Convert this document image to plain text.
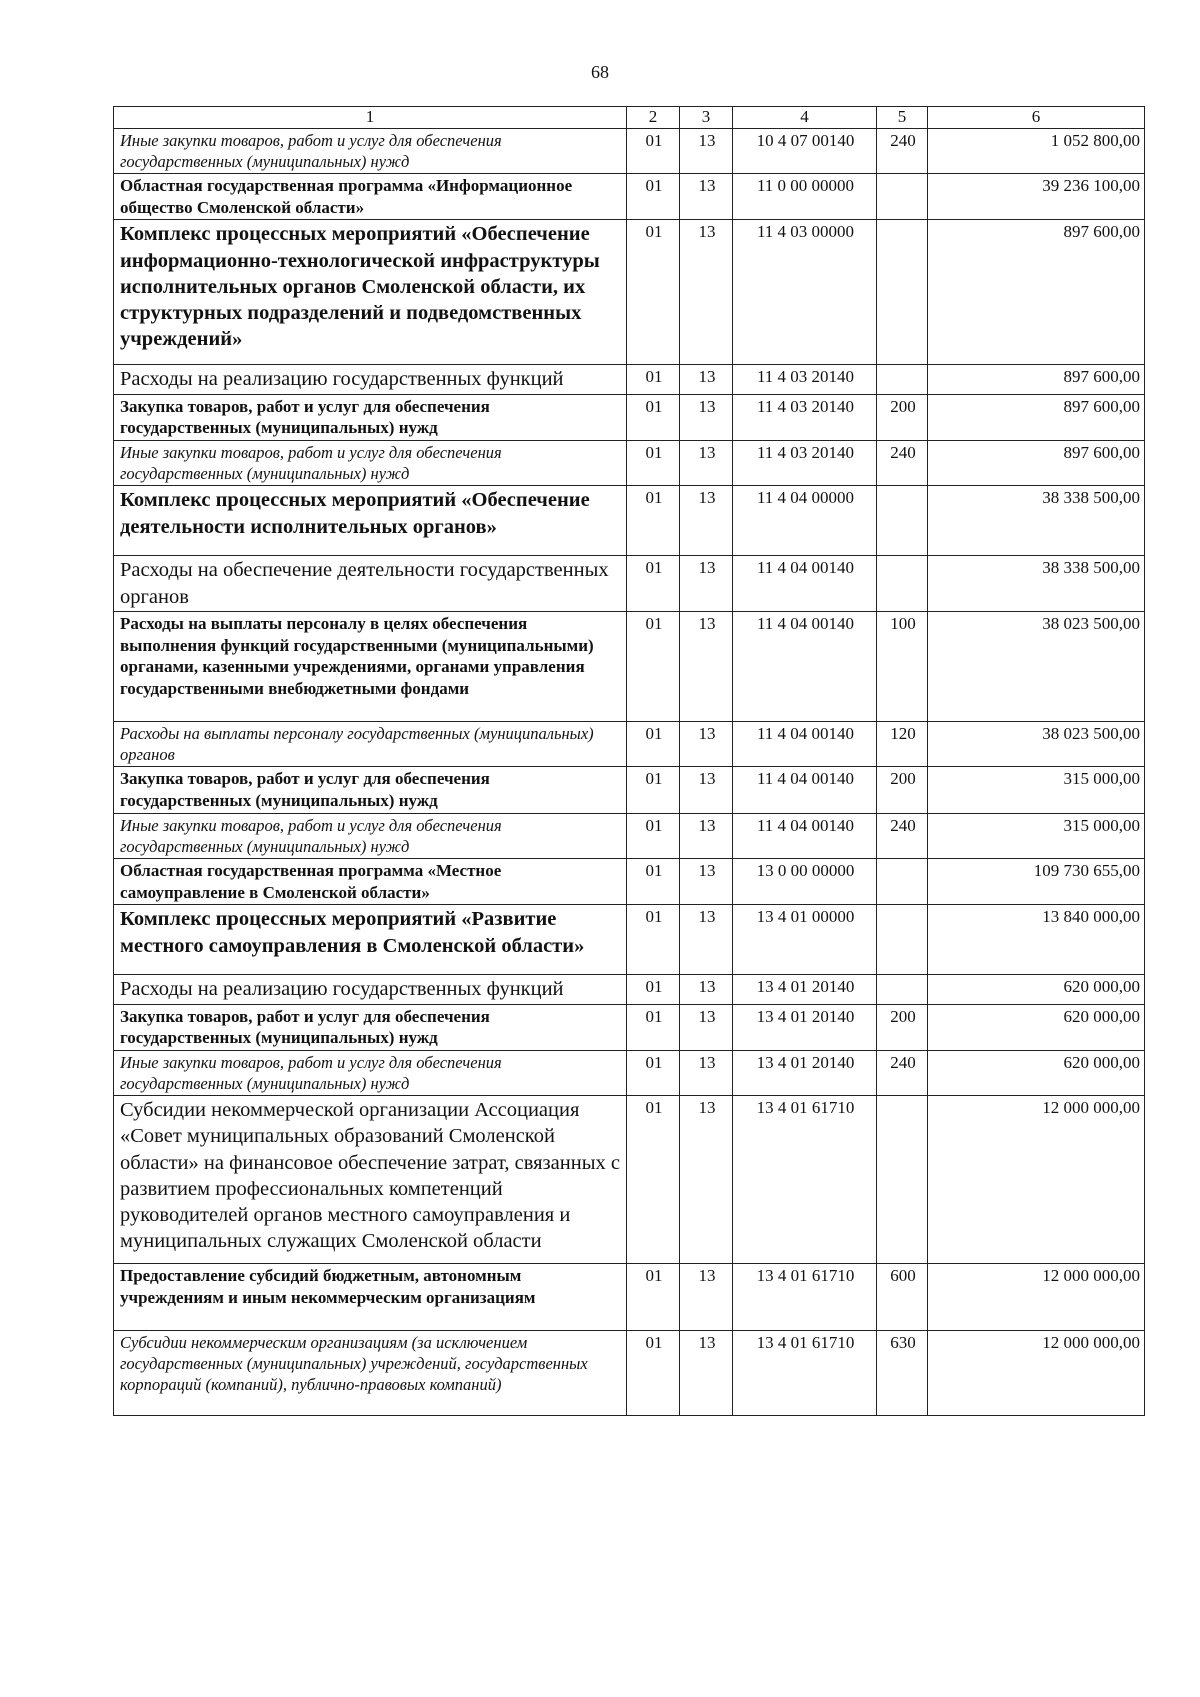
68
1	2	3	4	5	6
Иные закупки товаров, работ и услуг для обеспечения государственных (муниципальных) нужд	01	13	10 4 07 00140	240	1 052 800,00
Областная государственная программа «Информационное общество Смоленской области»	01	13	11 0 00 00000		39 236 100,00
Комплекс процессных мероприятий «Обеспечение информационно-технологической инфраструктуры исполнительных органов Смоленской области, их структурных подразделений и подведомственных учреждений»	01	13	11 4 03 00000		897 600,00
Расходы на реализацию государственных функций	01	13	11 4 03 20140		897 600,00
Закупка товаров, работ и услуг для обеспечения государственных (муниципальных) нужд	01	13	11 4 03 20140	200	897 600,00
Иные закупки товаров, работ и услуг для обеспечения государственных (муниципальных) нужд	01	13	11 4 03 20140	240	897 600,00
Комплекс процессных мероприятий «Обеспечение деятельности исполнительных органов»	01	13	11 4 04 00000		38 338 500,00
Расходы на обеспечение деятельности государственных органов	01	13	11 4 04 00140		38 338 500,00
Расходы на выплаты персоналу в целях обеспечения выполнения функций государственными (муниципальными) органами, казенными учреждениями, органами управления государственными внебюджетными фондами	01	13	11 4 04 00140	100	38 023 500,00
Расходы на выплаты персоналу государственных (муниципальных) органов	01	13	11 4 04 00140	120	38 023 500,00
Закупка товаров, работ и услуг для обеспечения государственных (муниципальных) нужд	01	13	11 4 04 00140	200	315 000,00
Иные закупки товаров, работ и услуг для обеспечения государственных (муниципальных) нужд	01	13	11 4 04 00140	240	315 000,00
Областная государственная программа «Местное самоуправление в Смоленской области»	01	13	13 0 00 00000		109 730 655,00
Комплекс процессных мероприятий «Развитие местного самоуправления в Смоленской области»	01	13	13 4 01 00000		13 840 000,00
Расходы на реализацию государственных функций	01	13	13 4 01 20140		620 000,00
Закупка товаров, работ и услуг для обеспечения государственных (муниципальных) нужд	01	13	13 4 01 20140	200	620 000,00
Иные закупки товаров, работ и услуг для обеспечения государственных (муниципальных) нужд	01	13	13 4 01 20140	240	620 000,00
Субсидии некоммерческой организации Ассоциация «Совет муниципальных образований Смоленской области» на финансовое обеспечение затрат, связанных с развитием профессиональных компетенций руководителей органов местного самоуправления и муниципальных служащих Смоленской области	01	13	13 4 01 61710		12 000 000,00
Предоставление субсидий бюджетным, автономным учреждениям и иным некоммерческим организациям	01	13	13 4 01 61710	600	12 000 000,00
Субсидии некоммерческим организациям (за исключением государственных (муниципальных) учреждений, государственных корпораций (компаний), публично-правовых компаний)	01	13	13 4 01 61710	630	12 000 000,00
